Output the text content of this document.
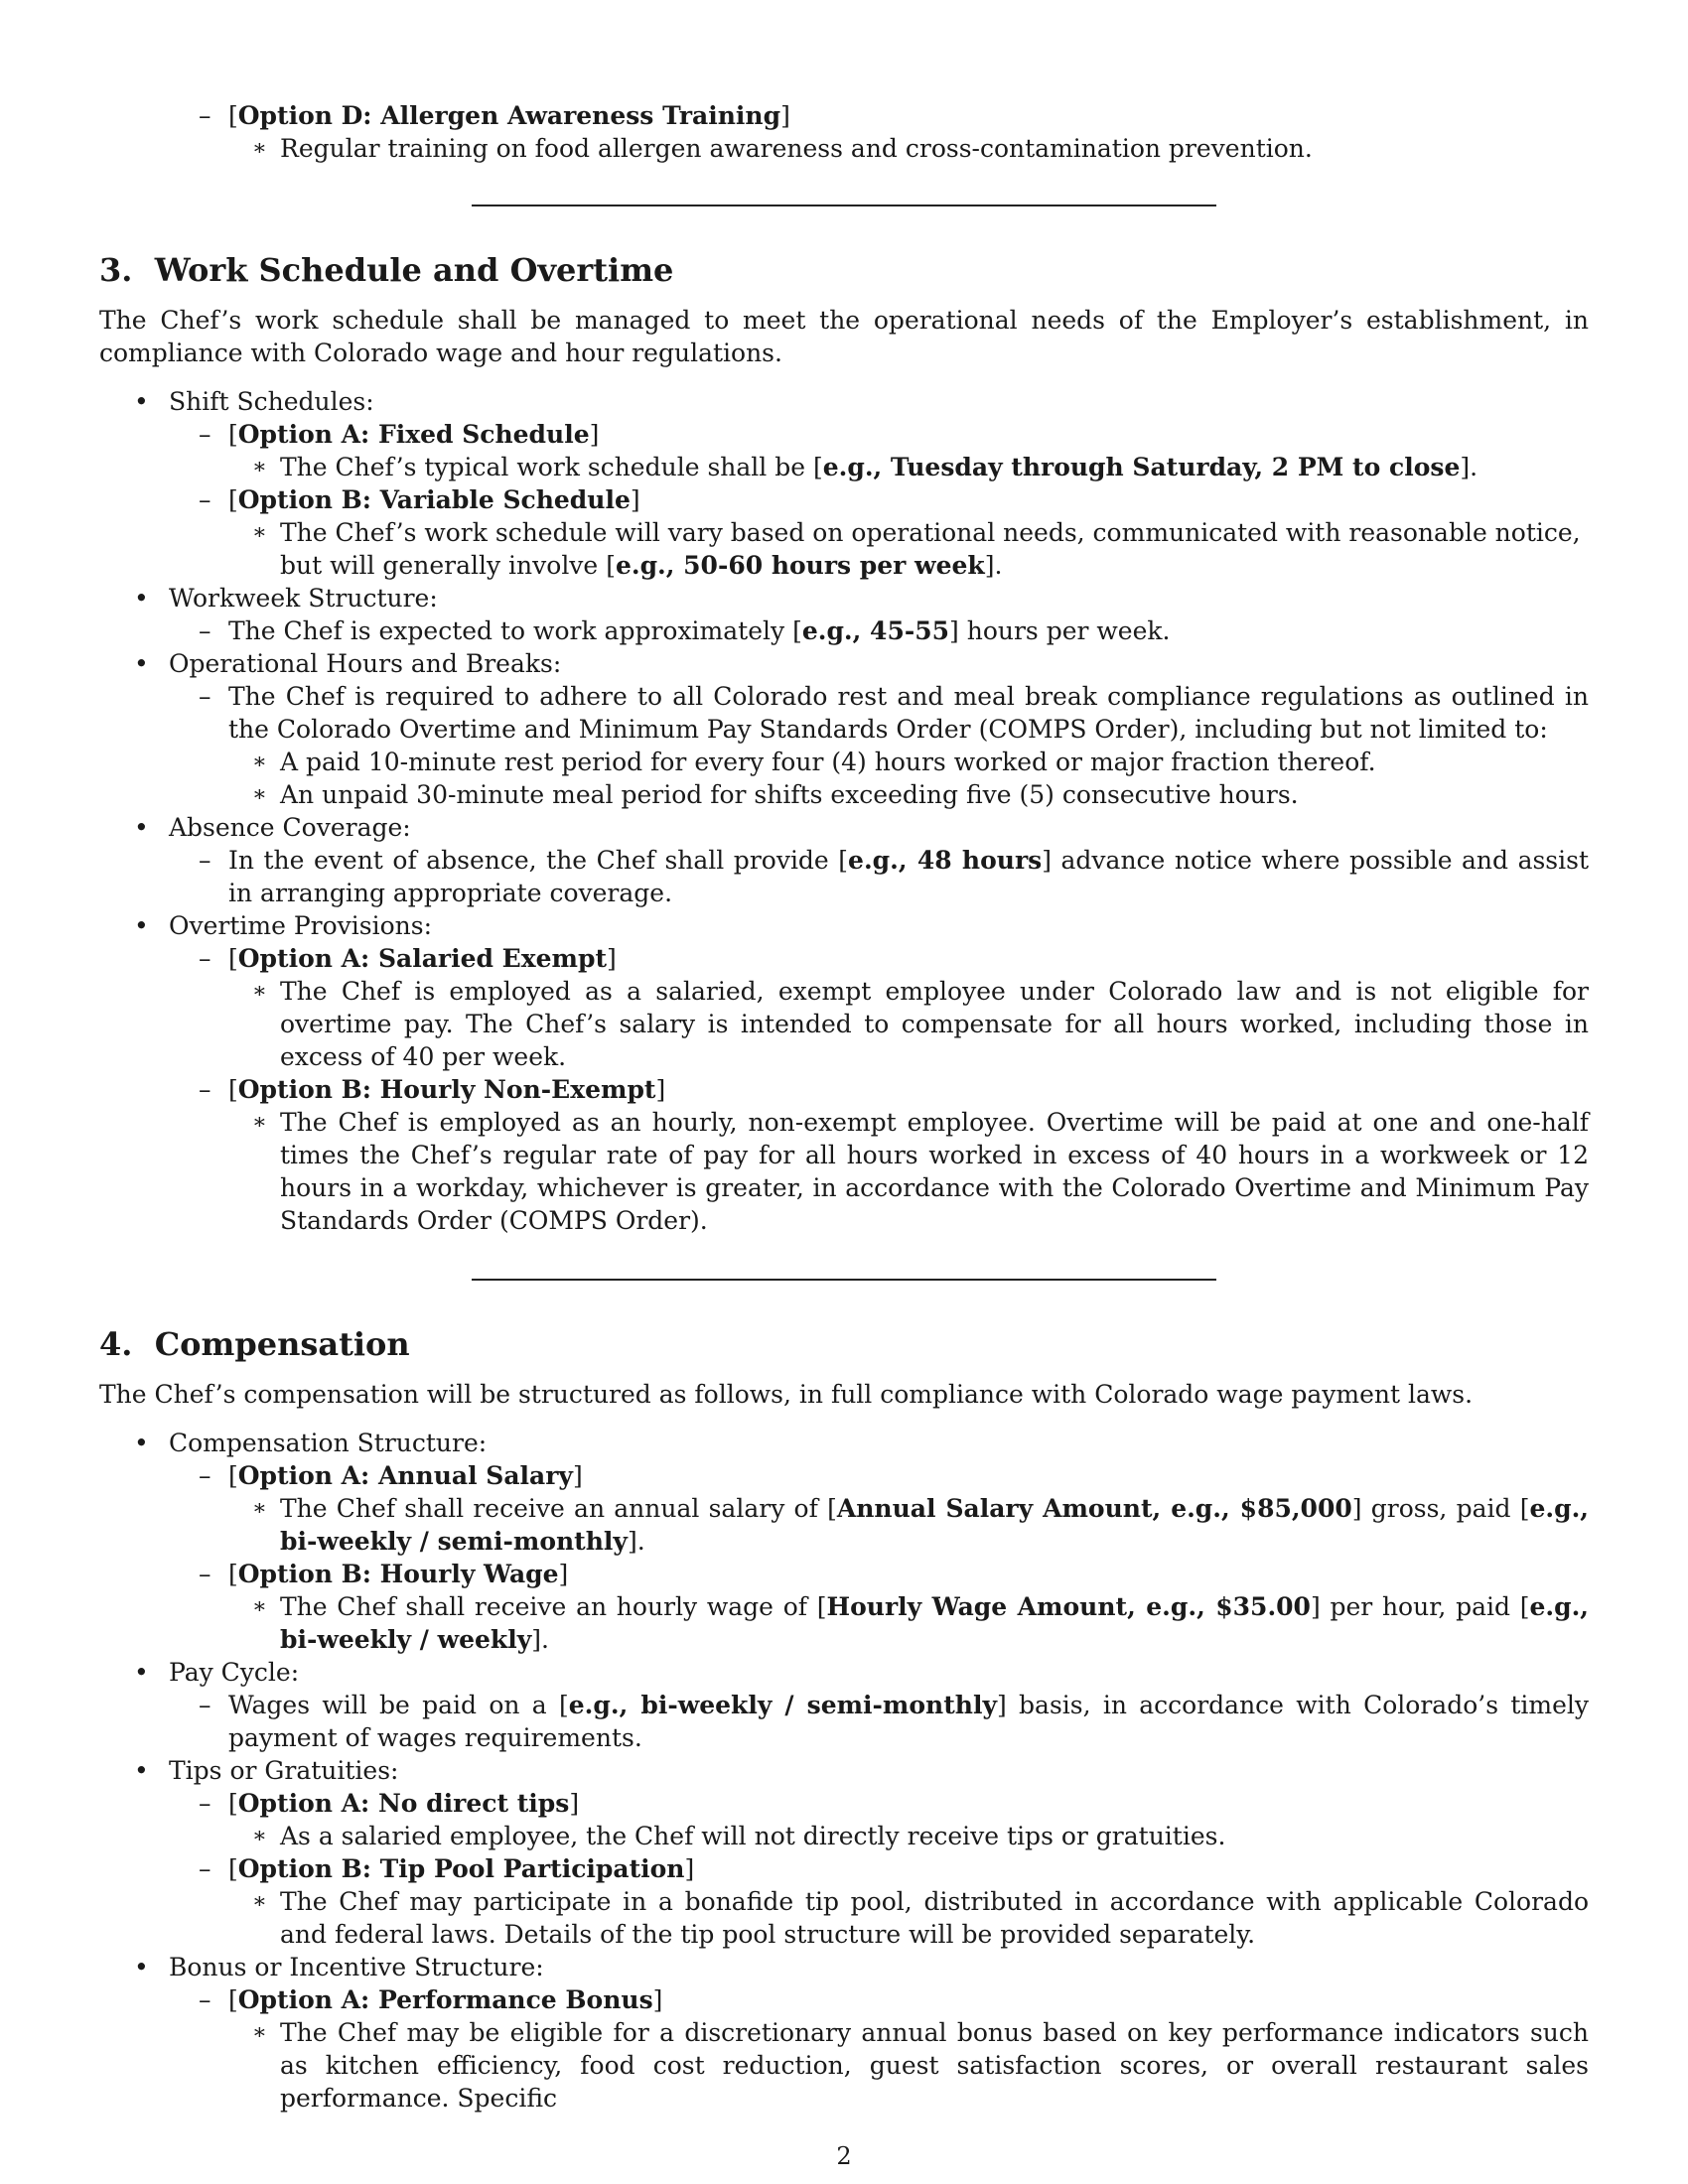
– [Option D: Allergen Awareness Training]
∗ Regular training on food allergen awareness and cross-contamination prevention.
3. Work Schedule and Overtime

The Chef’s work schedule shall be managed to meet the operational needs of the Employer’s establishment, in compliance with Colorado wage and hour regulations.

• Shift Schedules:
– [Option A: Fixed Schedule]
∗ The Chef’s typical work schedule shall be [e.g., Tuesday through Saturday, 2 PM to close].
– [Option B: Variable Schedule]
∗ The Chef’s work schedule will vary based on operational needs, communicated with reasonable notice, but will generally involve [e.g., 50-60 hours per week].
• Workweek Structure:
– The Chef is expected to work approximately [e.g., 45-55] hours per week.
• Operational Hours and Breaks:
– The Chef is required to adhere to all Colorado rest and meal break compliance regulations as outlined in the Colorado Overtime and Minimum Pay Standards Order (COMPS Order), including but not limited to:
∗ A paid 10-minute rest period for every four (4) hours worked or major fraction thereof.
∗ An unpaid 30-minute meal period for shifts exceeding five (5) consecutive hours.
• Absence Coverage:
– In the event of absence, the Chef shall provide [e.g., 48 hours] advance notice where possible and assist in arranging appropriate coverage.
• Overtime Provisions:
– [Option A: Salaried Exempt]
∗ The Chef is employed as a salaried, exempt employee under Colorado law and is not eligible for overtime pay. The Chef’s salary is intended to compensate for all hours worked, including those in excess of 40 per week.
– [Option B: Hourly Non-Exempt]
∗ The Chef is employed as an hourly, non-exempt employee. Overtime will be paid at one and one-half times the Chef’s regular rate of pay for all hours worked in excess of 40 hours in a workweek or 12 hours in a workday, whichever is greater, in accordance with the Colorado Overtime and Minimum Pay Standards Order (COMPS Order).
4. Compensation

The Chef’s compensation will be structured as follows, in full compliance with Colorado wage payment laws.

• Compensation Structure:
– [Option A: Annual Salary]
∗ The Chef shall receive an annual salary of [Annual Salary Amount, e.g., $85,000] gross, paid [e.g., bi-weekly / semi-monthly].
– [Option B: Hourly Wage]
∗ The Chef shall receive an hourly wage of [Hourly Wage Amount, e.g., $35.00] per hour, paid [e.g., bi-weekly / weekly].
• Pay Cycle:
– Wages will be paid on a [e.g., bi-weekly / semi-monthly] basis, in accordance with Colorado’s timely payment of wages requirements.
• Tips or Gratuities:
– [Option A: No direct tips]
∗ As a salaried employee, the Chef will not directly receive tips or gratuities.
– [Option B: Tip Pool Participation]
∗ The Chef may participate in a bonafide tip pool, distributed in accordance with applicable Colorado and federal laws. Details of the tip pool structure will be provided separately.
• Bonus or Incentive Structure:
– [Option A: Performance Bonus]
∗ The Chef may be eligible for a discretionary annual bonus based on key performance indicators such as kitchen efficiency, food cost reduction, guest satisfaction scores, or overall restaurant sales performance. Specific
2
